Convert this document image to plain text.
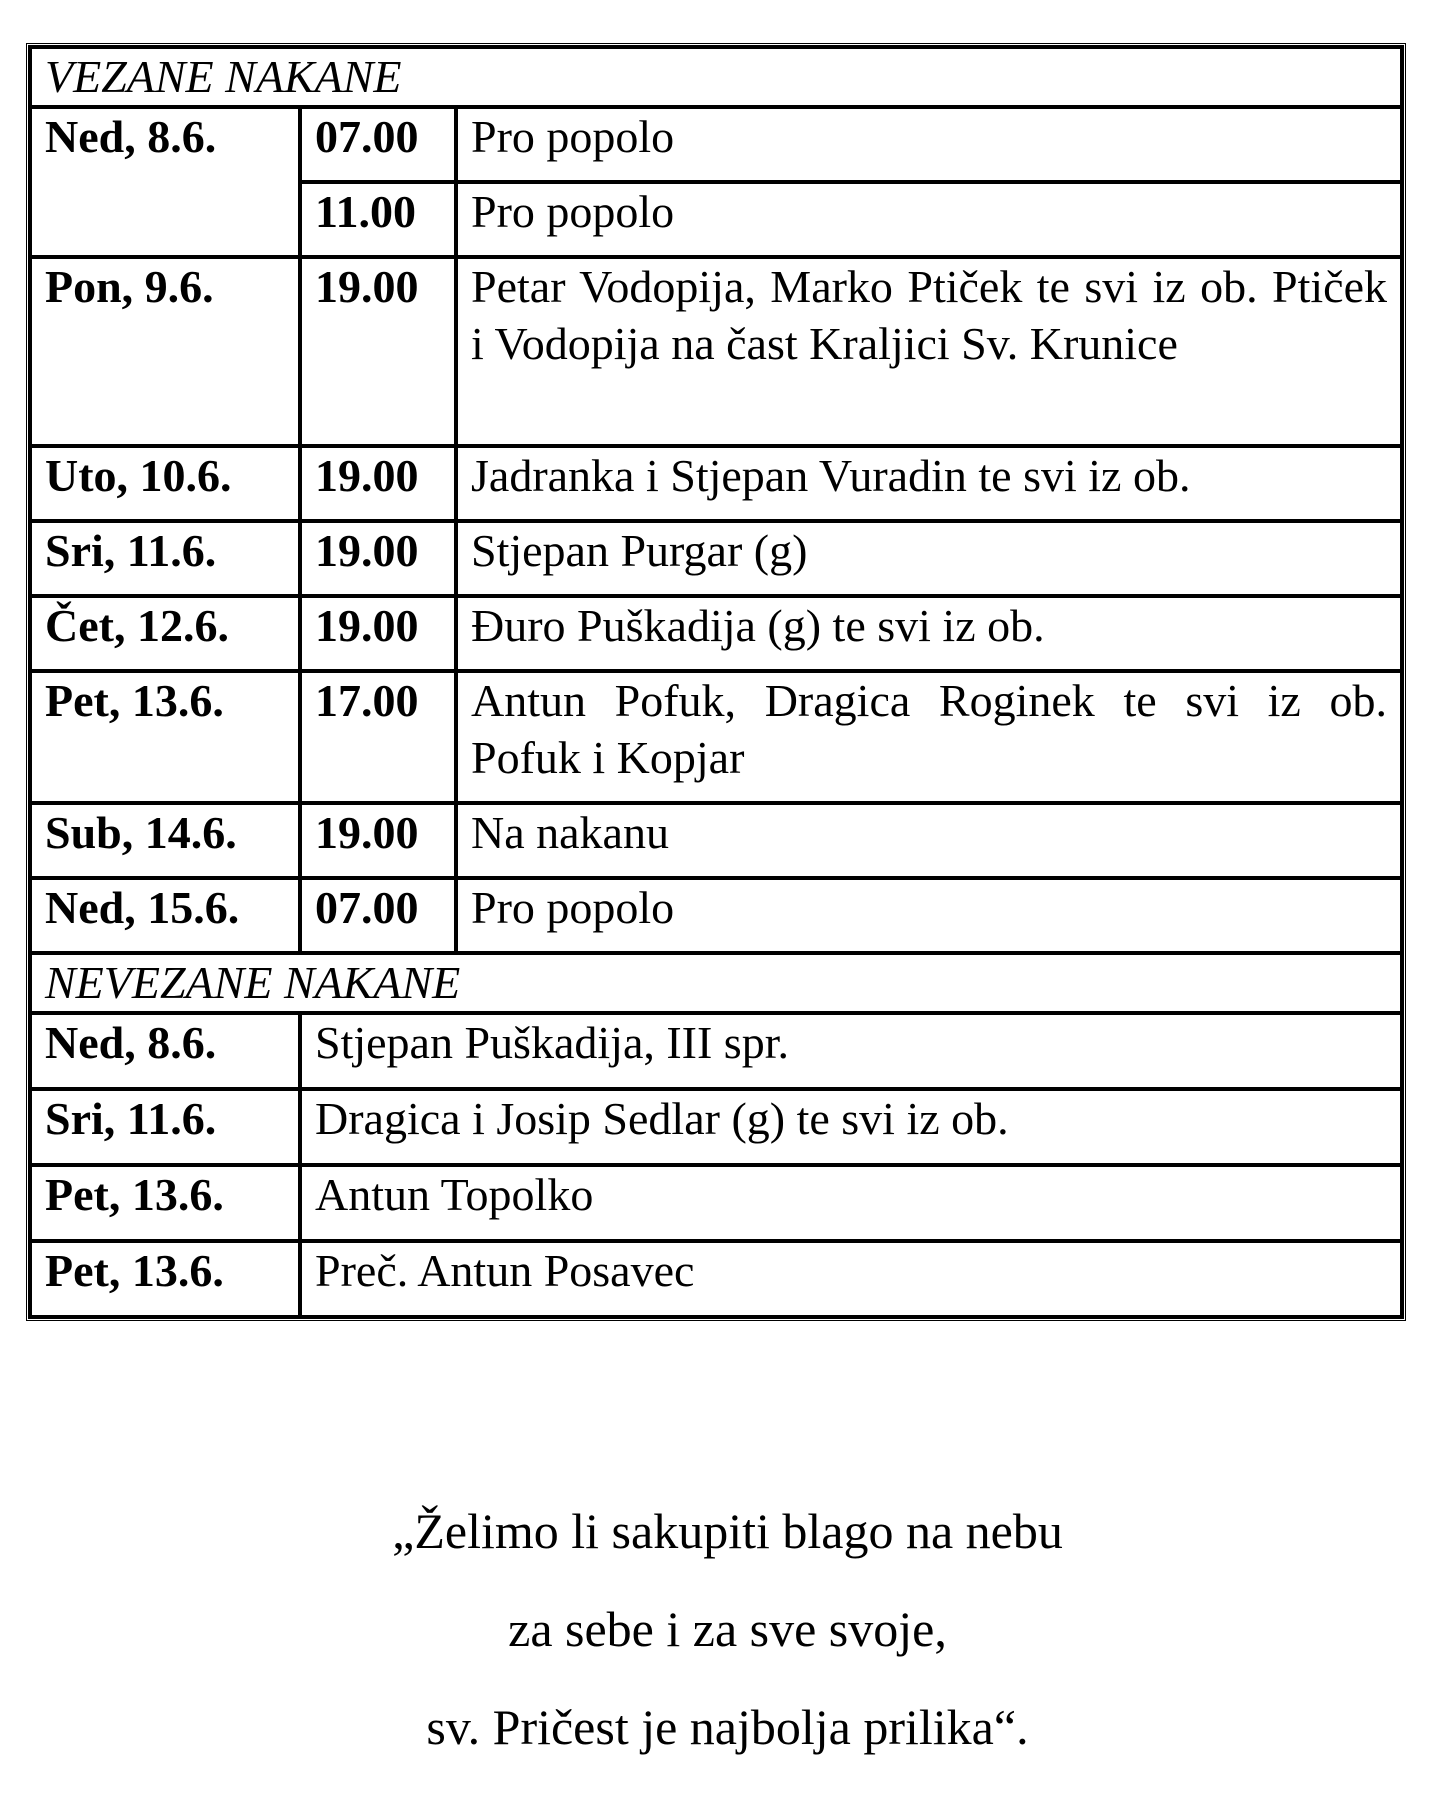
VEZANE NAKANE		
Ned, 8.6.	07.00	Pro popolo
	11.00	Pro popolo
Pon, 9.6.	19.00	Petar Vodopija, Marko Ptiček te svi iz ob. Ptiček i Vodopija na čast Kraljici Sv. Krunice
Uto, 10.6.	19.00	Jadranka i Stjepan Vuradin te svi iz ob.
Sri, 11.6.	19.00	Stjepan Purgar (g)
Čet, 12.6.	19.00	Đuro Puškadija (g) te svi iz ob.
Pet, 13.6.	17.00	Antun Pofuk, Dragica Roginek te svi iz ob. Pofuk i Kopjar
Sub, 14.6.	19.00	Na nakanu
Ned, 15.6.	07.00	Pro popolo
NEVEZANE NAKANE		
Ned, 8.6.	Stjepan Puškadija, III spr.	
Sri, 11.6.	Dragica i Josip Sedlar (g) te svi iz ob.	
Pet, 13.6.	Antun Topolko	
Pet, 13.6.	Preč. Antun Posavec	

„Želimo li sakupiti blago na nebu

za sebe i za sve svoje,

sv. Pričest je najbolja prilika“.
